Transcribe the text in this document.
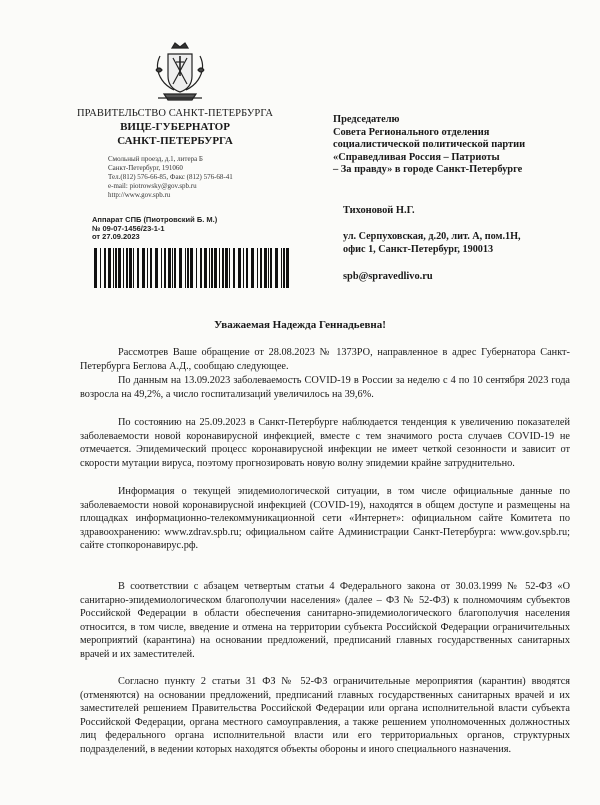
ПРАВИТЕЛЬСТВО САНКТ-ПЕТЕРБУРГА
ВИЦЕ-ГУБЕРНАТОР
САНКТ-ПЕТЕРБУРГА
Смольный проезд, д.1, литера Б
Санкт-Петербург, 191060
Тел.(812) 576-66-85, Факс (812) 576-68-41
e-mail: piotrowsky@gov.spb.ru
http://www.gov.spb.ru
Аппарат СПБ (Пиотровский Б. М.)
№ 09-07-1456/23-1-1
от 27.09.2023
Председателю
Совета Регионального отделения
социалистической политической партии
«Справедливая Россия – Патриоты
– За правду» в городе Санкт-Петербурге
Тихоновой Н.Г.
ул. Серпуховская, д.20, лит. А, пом.1Н,
офис 1, Санкт-Петербург, 190013
spb@spravedlivo.ru
Уважаемая Надежда Геннадьевна!
Рассмотрев Ваше обращение от 28.08.2023 № 1373РО, направленное в адрес Губернатора Санкт-Петербурга Беглова А.Д., сообщаю следующее.
По данным на 13.09.2023 заболеваемость COVID-19 в России за неделю с 4 по 10 сентября 2023 года возросла на 49,2%, а число госпитализаций увеличилось на 39,6%.
По состоянию на 25.09.2023 в Санкт-Петербурге наблюдается тенденция к увеличению показателей заболеваемости новой коронавирусной инфекцией, вместе с тем значимого роста случаев COVID-19 не отмечается. Эпидемический процесс коронавирусной инфекции не имеет четкой сезонности и зависит от скорости мутации вируса, поэтому прогнозировать новую волну эпидемии крайне затруднительно.
Информация о текущей эпидемиологической ситуации, в том числе официальные данные по заболеваемости новой коронавирусной инфекцией (COVID-19), находятся в общем доступе и размещены на площадках информационно-телекоммуникационной сети «Интернет»: официальном сайте Комитета по здравоохранению: www.zdrav.spb.ru; официальном сайте Администрации Санкт-Петербурга: www.gov.spb.ru; сайте стопкоронавирус.рф.
В соответствии с абзацем четвертым статьи 4 Федерального закона от 30.03.1999 № 52-ФЗ «О санитарно-эпидемиологическом благополучии населения» (далее – ФЗ № 52-ФЗ) к полномочиям субъектов Российской Федерации в области обеспечения санитарно-эпидемиологического благополучия населения относится, в том числе, введение и отмена на территории субъекта Российской Федерации ограничительных мероприятий (карантина) на основании предложений, предписаний главных государственных санитарных врачей и их заместителей.
Согласно пункту 2 статьи 31 ФЗ № 52-ФЗ ограничительные мероприятия (карантин) вводятся (отменяются) на основании предложений, предписаний главных государственных санитарных врачей и их заместителей решением Правительства Российской Федерации или органа исполнительной власти субъекта Российской Федерации, органа местного самоуправления, а также решением уполномоченных должностных лиц федерального органа исполнительной власти или его территориальных органов, структурных подразделений, в ведении которых находятся объекты обороны и иного специального назначения.
